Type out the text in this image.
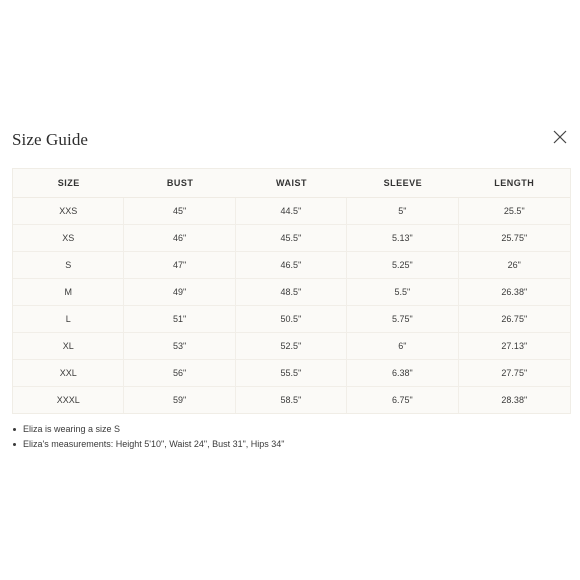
Size Guide
SIZE	BUST	WAIST	SLEEVE	LENGTH
XXS	45"	44.5''	5"	25.5"
XS	46"	45.5''	5.13"	25.75"
S	47"	46.5''	5.25"	26"
M	49"	48.5''	5.5"	26.38"
L	51"	50.5''	5.75"	26.75"
XL	53"	52.5''	6"	27.13"
XXL	56"	55.5''	6.38"	27.75"
XXXL	59"	58.5''	6.75"	28.38"
Eliza is wearing a size S
Eliza's measurements: Height 5'10", Waist 24", Bust 31", Hips 34"
